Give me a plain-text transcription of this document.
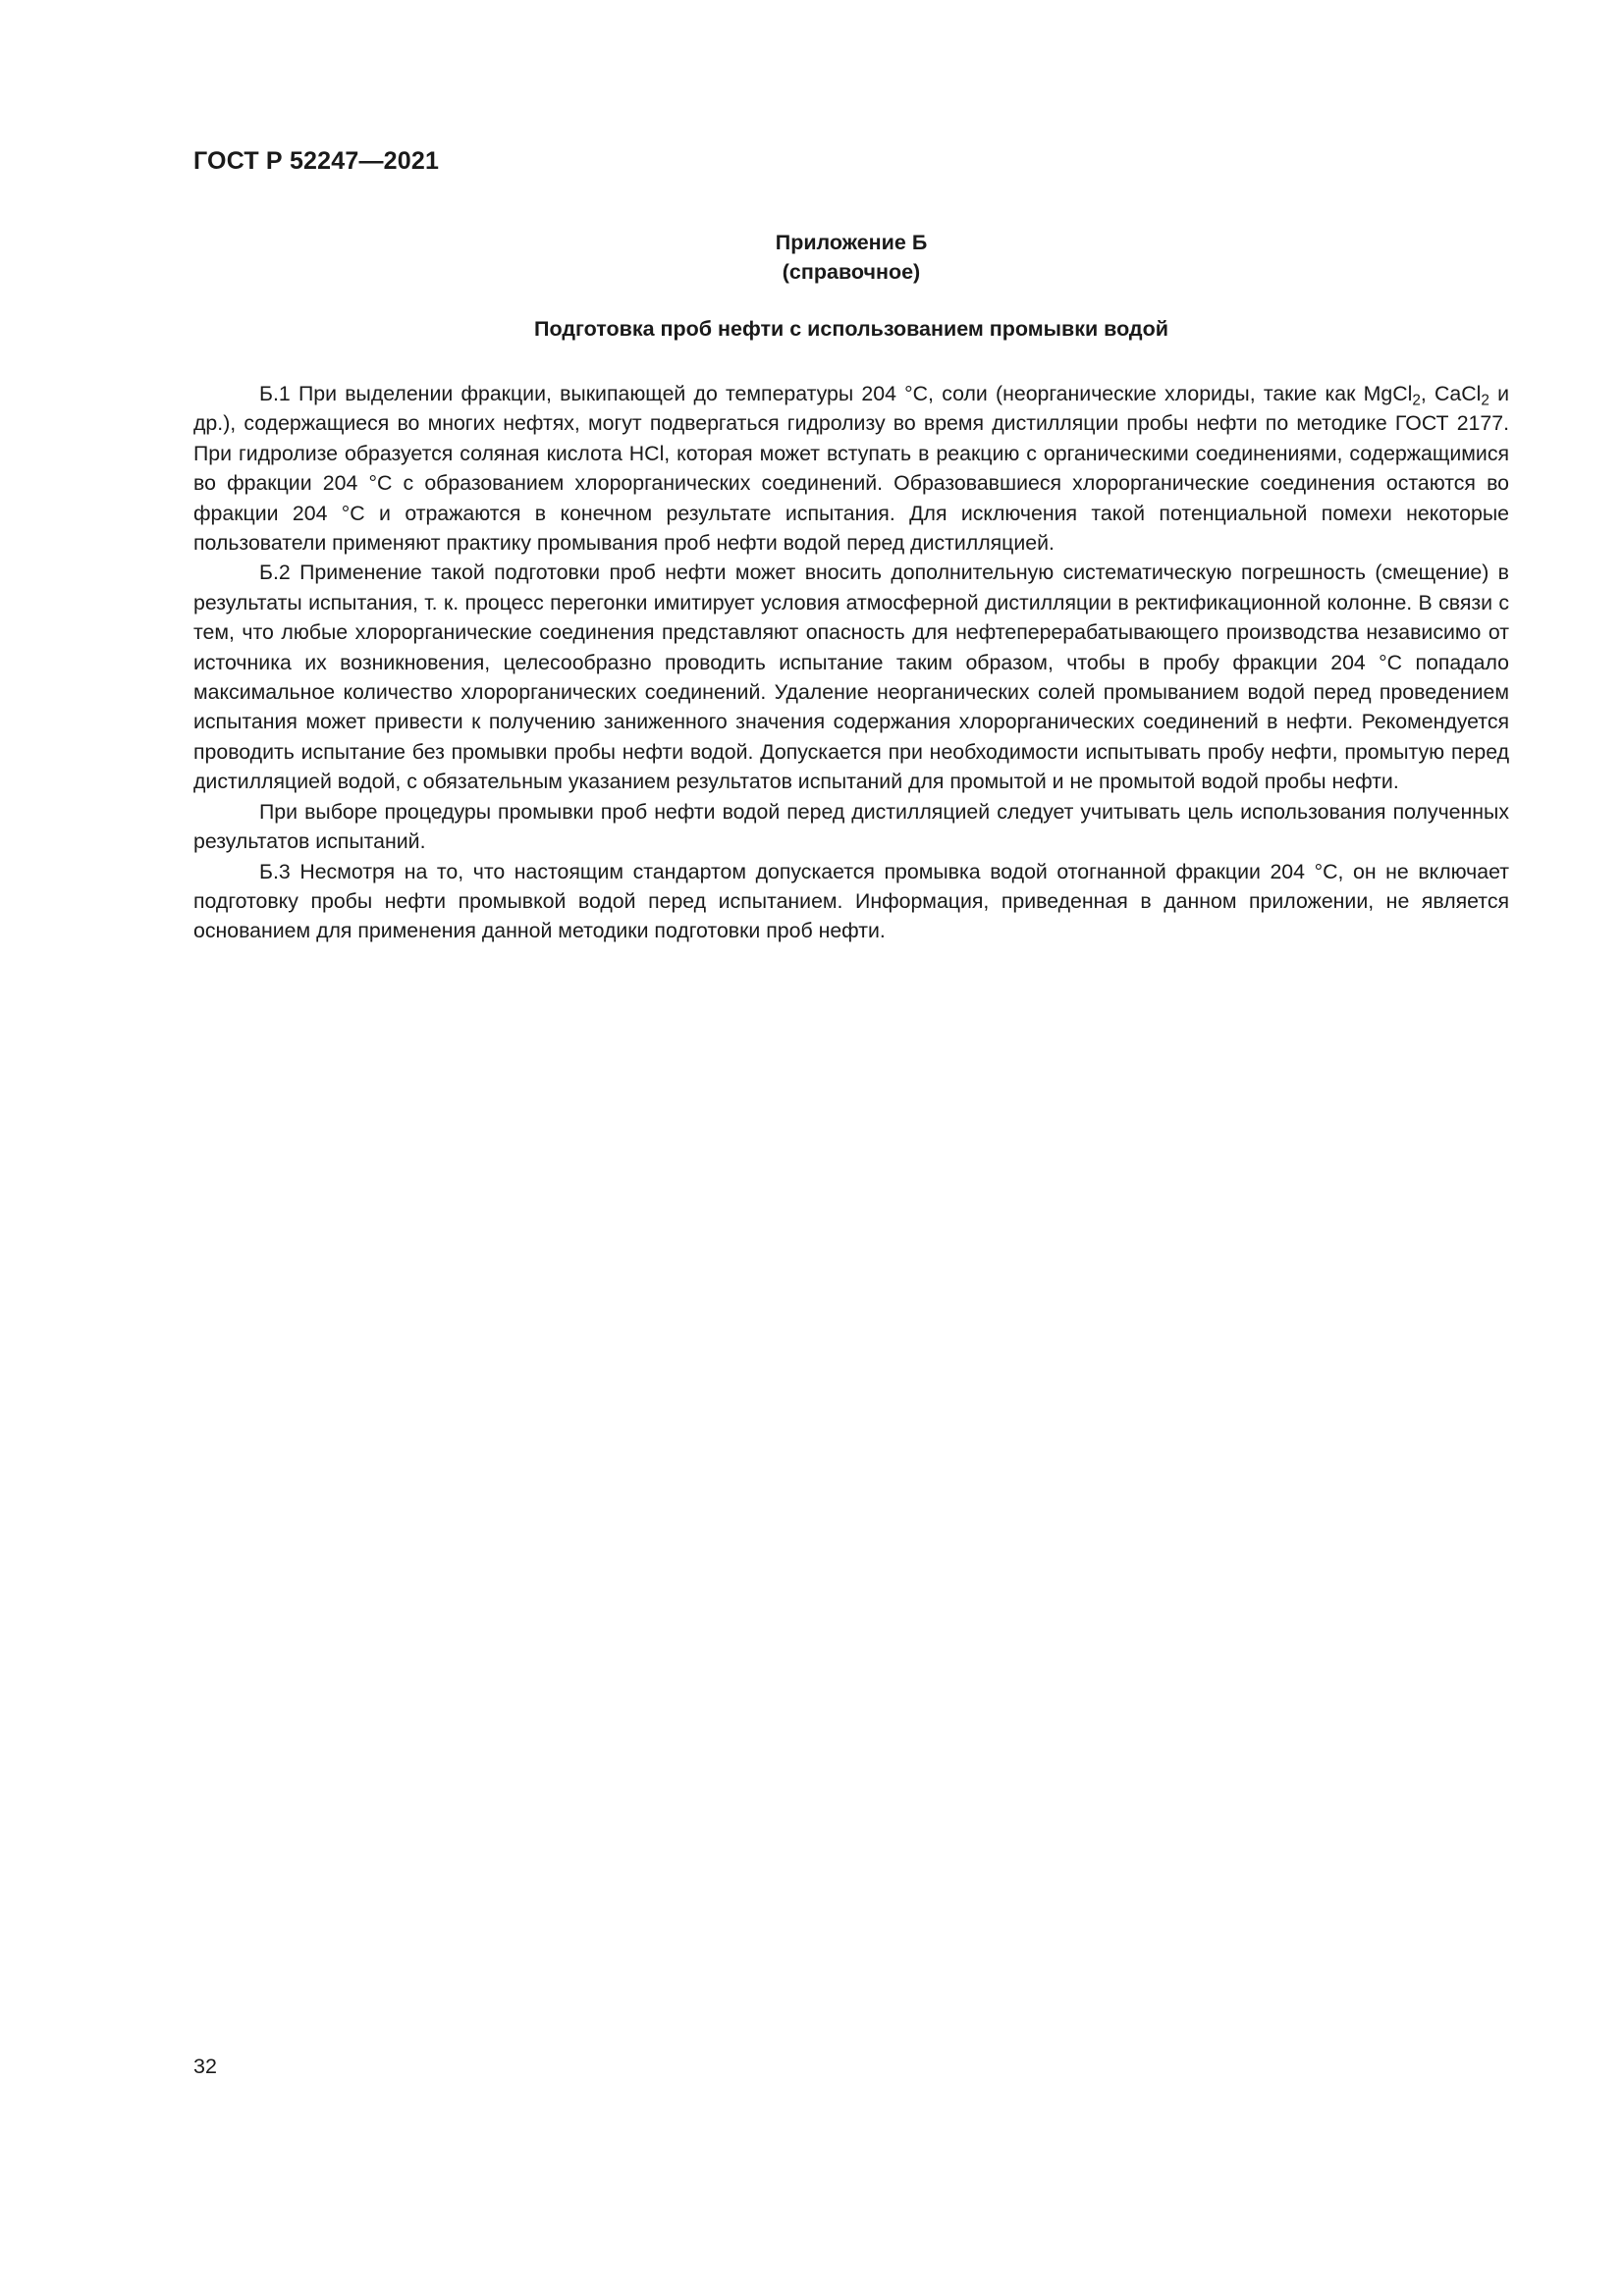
ГОСТ Р 52247—2021

Приложение Б
(справочное)

Подготовка проб нефти с использованием промывки водой

Б.1 При выделении фракции, выкипающей до температуры 204 °С, соли (неорганические хлориды, такие как MgCl$_2$, CaCl$_2$ и др.), содержащиеся во многих нефтях, могут подвергаться гидролизу во время дистилляции пробы нефти по методике ГОСТ 2177. При гидролизе образуется соляная кислота HCl, которая может вступать в реакцию с органическими соединениями, содержащимися во фракции 204 °С с образованием хлорорганических соединений. Образовавшиеся хлорорганические соединения остаются во фракции 204 °С и отражаются в конечном результате испытания. Для исключения такой потенциальной помехи некоторые пользователи применяют практику промывания проб нефти водой перед дистилляцией.

Б.2 Применение такой подготовки проб нефти может вносить дополнительную систематическую погрешность (смещение) в результаты испытания, т. к. процесс перегонки имитирует условия атмосферной дистилляции в ректификационной колонне. В связи с тем, что любые хлорорганические соединения представляют опасность для нефтеперерабатывающего производства независимо от источника их возникновения, целесообразно проводить испытание таким образом, чтобы в пробу фракции 204 °С попадало максимальное количество хлорорганических соединений. Удаление неорганических солей промыванием водой перед проведением испытания может привести к получению заниженного значения содержания хлорорганических соединений в нефти. Рекомендуется проводить испытание без промывки пробы нефти водой. Допускается при необходимости испытывать пробу нефти, промытую перед дистилляцией водой, с обязательным указанием результатов испытаний для промытой и не промытой водой пробы нефти.

При выборе процедуры промывки проб нефти водой перед дистилляцией следует учитывать цель использования полученных результатов испытаний.

Б.3 Несмотря на то, что настоящим стандартом допускается промывка водой отогнанной фракции 204 °С, он не включает подготовку пробы нефти промывкой водой перед испытанием. Информация, приведенная в данном приложении, не является основанием для применения данной методики подготовки проб нефти.

32
